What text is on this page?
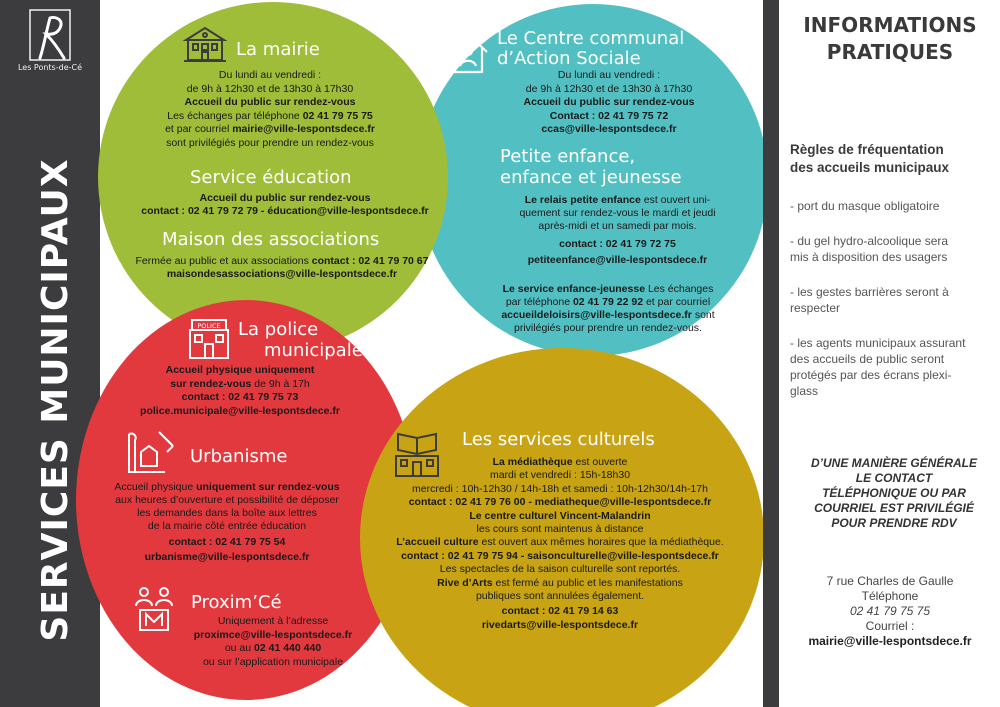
Les Ponts-de-Cé
SERVICES MUNICIPAUX
La mairie
Du lundi au vendredi :
de 9h à 12h30 et de 13h30 à 17h30
Accueil du public sur rendez-vous
Les échanges par téléphone 02 41 79 75 75
et par courriel mairie@ville-lespontsdece.fr
sont privilégiés pour prendre un rendez-vous
Service éducation
Accueil du public sur rendez-vous
contact : 02 41 79 72 79 - éducation@ville-lespontsdece.fr
Maison des associations
Fermée au public et aux associations contact : 02 41 79 70 67
maisondesassociations@ville-lespontsdece.fr
Le Centre communal
d’Action Sociale
Du lundi au vendredi :
de 9h à 12h30 et de 13h30 à 17h30
Accueil du public sur rendez-vous
Contact : 02 41 79 75 72
ccas@ville-lespontsdece.fr
Petite enfance,
enfance et jeunesse
Le relais petite enfance est ouvert uni-
quement sur rendez-vous le mardi et jeudi
après-midi et un samedi par mois.
contact : 02 41 79 72 75
petiteenfance@ville-lespontsdece.fr
Le service enfance-jeunesse Les échanges
par téléphone 02 41 79 22 92 et par courriel
accueildeloisirs@ville-lespontsdece.fr sont
privilégiés pour prendre un rendez-vous.
POLICE La police
municipale
Accueil physique uniquement
sur rendez-vous de 9h à 17h
contact : 02 41 79 75 73
police.municipale@ville-lespontsdece.fr
Urbanisme
Accueil physique uniquement sur rendez-vous
aux heures d’ouverture et possibilité de déposer
les demandes dans la boîte aux lettres
de la mairie côté entrée éducation
contact : 02 41 79 75 54
urbanisme@ville-lespontsdece.fr
Proxim’Cé
Uniquement à l’adresse
proximce@ville-lespontsdece.fr
ou au 02 41 440 440
ou sur l’application municipale
Les services culturels
La médiathèque est ouverte
mardi et vendredi : 15h-18h30
mercredi : 10h-12h30 / 14h-18h et samedi : 10h-12h30/14h-17h
contact : 02 41 79 76 00 - mediatheque@ville-lespontsdece.fr
Le centre culturel Vincent-Malandrin
les cours sont maintenus à distance
L’accueil culture est ouvert aux mêmes horaires que la médiathèque.
contact : 02 41 79 75 94 - saisonculturelle@ville-lespontsdece.fr
Les spectacles de la saison culturelle sont reportés.
Rive d’Arts est fermé au public et les manifestations
publiques sont annulées également.
contact : 02 41 79 14 63
rivedarts@ville-lespontsdece.fr
INFORMATIONS
PRATIQUES
Règles de fréquentation
des accueils municipaux
- port du masque obligatoire
- du gel hydro-alcoolique sera
mis à disposition des usagers
- les gestes barrières seront à
respecter
- les agents municipaux assurant
des accueils de public seront
protégés par des écrans plexi-
glass
D’UNE MANIÈRE GÉNÉRALE
LE CONTACT
TÉLÉPHONIQUE OU PAR
COURRIEL EST PRIVILÉGIÉ
POUR PRENDRE RDV
7 rue Charles de Gaulle
Téléphone
02 41 79 75 75
Courriel :
mairie@ville-lespontsdece.fr
